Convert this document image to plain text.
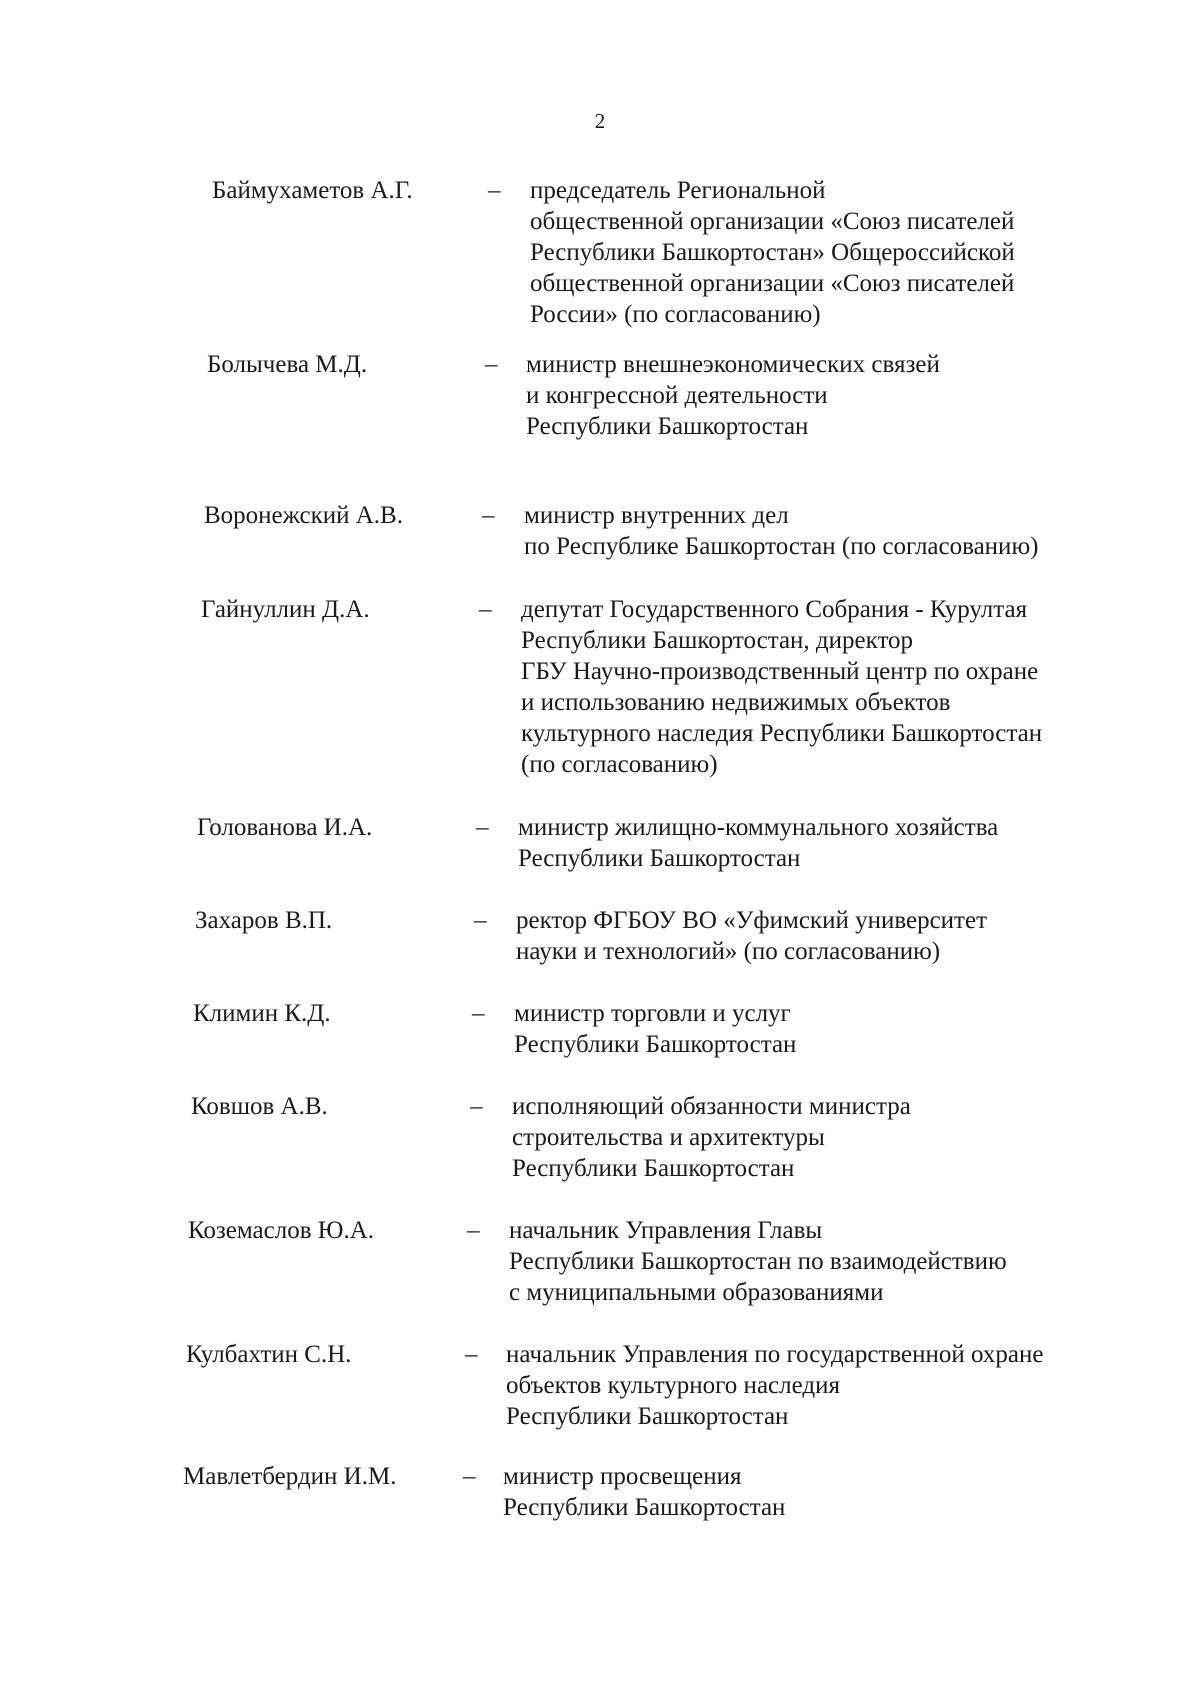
2
Баймухаметов А.Г.	– председатель Региональной
общественной организации «Союз писателей
Республики Башкортостан» Общероссийской
общественной организации «Союз писателей
России» (по согласованию)
Болычева М.Д.	– министр внешнеэкономических связей
и конгрессной деятельности
Республики Башкортостан
Воронежский А.В.	– министр внутренних дел
по Республике Башкортостан (по согласованию)
Гайнуллин Д.А.	– депутат Государственного Собрания - Курултая
Республики Башкортостан, директор
ГБУ Научно-производственный центр по охране
и использованию недвижимых объектов
культурного наследия Республики Башкортостан
(по согласованию)
Голованова И.А.	– министр жилищно-коммунального хозяйства
Республики Башкортостан
Захаров В.П.	– ректор ФГБОУ ВО «Уфимский университет
науки и технологий» (по согласованию)
Климин К.Д.	– министр торговли и услуг
Республики Башкортостан
Ковшов А.В.	– исполняющий обязанности министра
строительства и архитектуры
Республики Башкортостан
Коземаслов Ю.А.	– начальник Управления Главы
Республики Башкортостан по взаимодействию
с муниципальными образованиями
Кулбахтин С.Н.	– начальник Управления по государственной охране
объектов культурного наследия
Республики Башкортостан
Мавлетбердин И.М.	– министр просвещения
Республики Башкортостан
